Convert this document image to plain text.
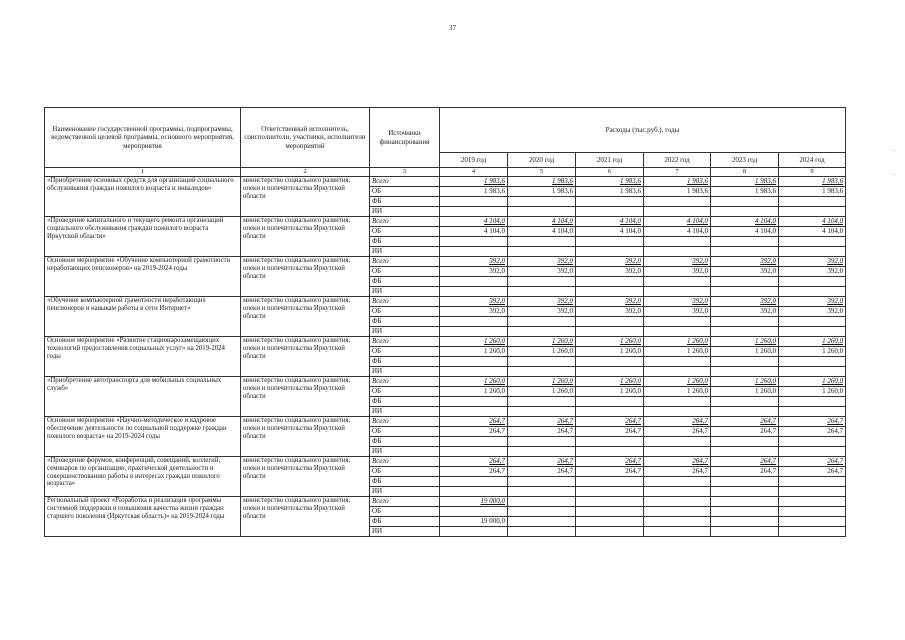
37
Наименование государственной программы, подпрограммы, ведомственной целевой программы, основного мероприятия, мероприятия	Ответственный исполнитель, соисполнители, участники, исполнители мероприятий	Источники финансирования	Расходы (тыс.руб.), годы					
			2019 год	2020 год	2021 год	2022 год	2023 год	2024 год
1	2	3	4	5	6	7	8	9
«Приобретение основных средств для организаций социального обслуживания граждан пожилого возраста и инвалидов»	министерство социального развития, опеки и попечительства Иркутской области	Всего	1 983,6	1 983,6	1 983,6	1 983,6	1 983,6	1 983,6
		ОБ	1 983,6	1 983,6	1 983,6	1 983,6	1 983,6	1 983,6
		ФБ						
		ИИ						
«Проведение капитального и текущего ремонта организаций социального обслуживания граждан пожилого возраста Иркутской области»	министерство социального развития, опеки и попечительства Иркутской области	Всего	4 104,0	4 104,0	4 104,0	4 104,0	4 104,0	4 104,0
		ОБ	4 104,0	4 104,0	4 104,0	4 104,0	4 104,0	4 104,0
		ФБ						
		ИИ						
Основное мероприятие «Обучение компьютерной грамотности неработающих пенсионеров» на 2019-2024 годы	министерство социального развития, опеки и попечительства Иркутской области	Всего	392,0	392,0	392,0	392,0	392,0	392,0
		ОБ	392,0	392,0	392,0	392,0	392,0	392,0
		ФБ						
		ИИ						
«Обучение компьютерной грамотности неработающих пенсионеров и навыкам работы в сети Интернет»	министерство социального развития, опеки и попечительства Иркутской области	Всего	392,0	392,0	392,0	392,0	392,0	392,0
		ОБ	392,0	392,0	392,0	392,0	392,0	392,0
		ФБ						
		ИИ						
Основное мероприятие «Развитие стационарозамещающих технологий предоставления социальных услуг» на 2019-2024 годы	министерство социального развития, опеки и попечительства Иркутской области	Всего	1 260,0	1 260,0	1 260,0	1 260,0	1 260,0	1 260,0
		ОБ	1 260,0	1 260,0	1 260,0	1 260,0	1 260,0	1 260,0
		ФБ						
		ИИ						
«Приобретение автотранспорта для мобильных социальных служб»	министерство социального развития, опеки и попечительства Иркутской области	Всего	1 260,0	1 260,0	1 260,0	1 260,0	1 260,0	1 260,0
		ОБ	1 260,0	1 260,0	1 260,0	1 260,0	1 260,0	1 260,0
		ФБ						
		ИИ						
Основное мероприятие «Научно-методическое и кадровое обеспечение деятельности по социальной поддержке граждан пожилого возраста» на 2019-2024 годы	министерство социального развития, опеки и попечительства Иркутской области	Всего	264,7	264,7	264,7	264,7	264,7	264,7
		ОБ	264,7	264,7	264,7	264,7	264,7	264,7
		ФБ						
		ИИ						
«Проведение форумов, конференций, совещаний, коллегий, семинаров по организации, практической деятельности и совершенствованию работы в интересах граждан пожилого возраста»	министерство социального развития, опеки и попечительства Иркутской области	Всего	264,7	264,7	264,7	264,7	264,7	264,7
		ОБ	264,7	264,7	264,7	264,7	264,7	264,7
		ФБ						
		ИИ						
Региональный проект «Разработка и реализация программы системной поддержки и повышения качества жизни граждан старшего поколения (Иркутская область)» на 2019-2024 годы	министерство социального развития, опеки и попечительства Иркутской области	Всего	19 000,0					
		ОБ						
		ФБ	19 000,0					
		ИИ						
-
-
